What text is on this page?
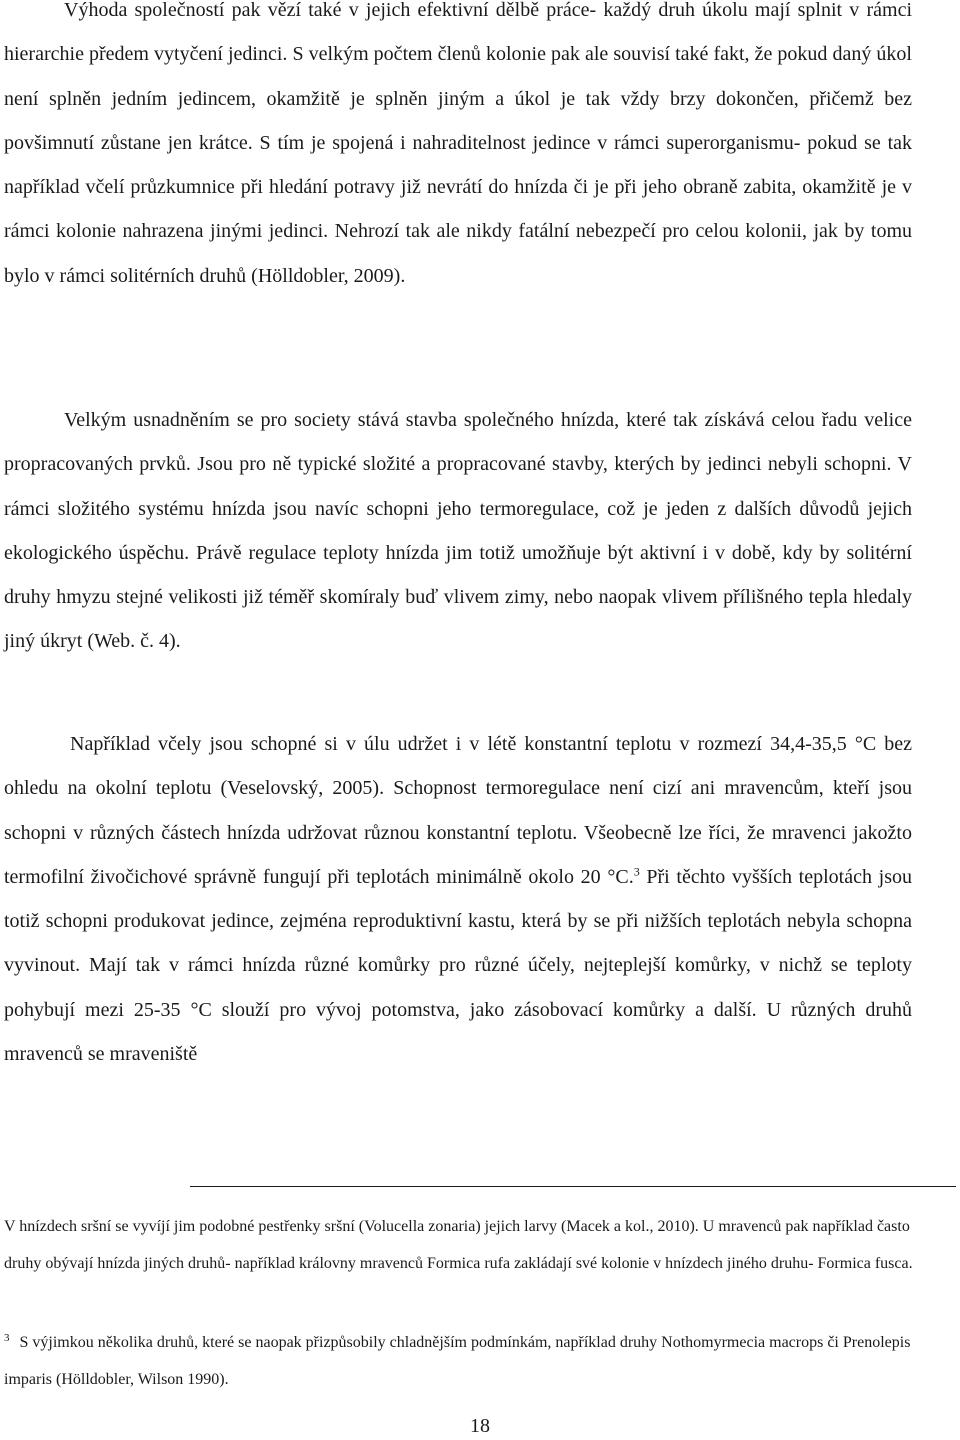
Výhoda společností pak vězí také v jejich efektivní dělbě práce- každý druh úkolu mají splnit v rámci hierarchie předem vytyčení jedinci. S velkým počtem členů kolonie pak ale souvisí také fakt, že pokud daný úkol není splněn jedním jedincem, okamžitě je splněn jiným a úkol je tak vždy brzy dokončen, přičemž bez povšimnutí zůstane jen krátce. S tím je spojená i nahraditelnost jedince v rámci superorganismu- pokud se tak například včelí průzkumnice při hledání potravy již nevrátí do hnízda či je při jeho obraně zabita, okamžitě je v rámci kolonie nahrazena jinými jedinci. Nehrozí tak ale nikdy fatální nebezpečí pro celou kolonii, jak by tomu bylo v rámci solitérních druhů (Hölldobler, 2009).

Velkým usnadněním se pro society stává stavba společného hnízda, které tak získává celou řadu velice propracovaných prvků. Jsou pro ně typické složité a propracované stavby, kterých by jedinci nebyli schopni. V rámci složitého systému hnízda jsou navíc schopni jeho termoregulace, což je jeden z dalších důvodů jejich ekologického úspěchu. Právě regulace teploty hnízda jim totiž umožňuje být aktivní i v době, kdy by solitérní druhy hmyzu stejné velikosti již téměř skomíraly buď vlivem zimy, nebo naopak vlivem přílišného tepla hledaly jiný úkryt (Web. č. 4).

Například včely jsou schopné si v úlu udržet i v létě konstantní teplotu v rozmezí 34,4-35,5 °C bez ohledu na okolní teplotu (Veselovský, 2005). Schopnost termoregulace není cizí ani mravencům, kteří jsou schopni v různých částech hnízda udržovat různou konstantní teplotu. Všeobecně lze říci, že mravenci jakožto termofilní živočichové správně fungují při teplotách minimálně okolo 20 °C.$^3$ Při těchto vyšších teplotách jsou totiž schopni produkovat jedince, zejména reproduktivní kastu, která by se při nižších teplotách nebyla schopna vyvinout. Mají tak v rámci hnízda různé komůrky pro různé účely, nejteplejší komůrky, v nichž se teploty pohybují mezi 25-35 °C slouží pro vývoj potomstva, jako zásobovací komůrky a další. U různých druhů mravenců se mraveniště

V hnízdech sršní se vyvíjí jim podobné pestřenky sršní (Volucella zonaria) jejich larvy (Macek a kol., 2010). U mravenců pak například často druhy obývají hnízda jiných druhů- například královny mravenců Formica rufa zakládají své kolonie v hnízdech jiného druhu- Formica fusca.

$^3$ S výjimkou několika druhů, které se naopak přizpůsobily chladnějším podmínkám, například druhy Nothomyrmecia macrops či Prenolepis imparis (Hölldobler, Wilson 1990).

18
